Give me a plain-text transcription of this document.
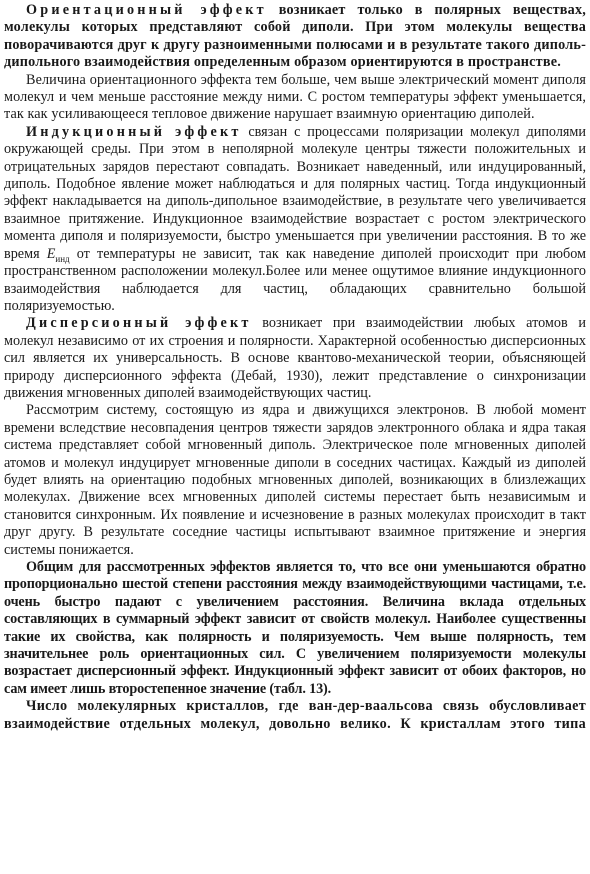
Ориентационный эффект возникает только в полярных веществах, молекулы которых представляют собой диполи. При этом молекулы вещества поворачиваются друг к другу разноименными полюсами и в результате такого диполь-дипольного взаимодействия определенным образом ориентируются в пространстве.

Величина ориентационного эффекта тем больше, чем выше электрический момент диполя молекул и чем меньше расстояние между ними. С ростом температуры эффект уменьшается, так как усиливающееся тепловое движение нарушает взаимную ориентацию диполей.

Индукционный эффект связан с процессами поляризации молекул диполями окружающей среды. При этом в неполярной молекуле центры тяжести положительных и отрицательных зарядов перестают совпадать. Возникает наведенный, или индуцированный, диполь. Подобное явление может наблюдаться и для полярных частиц. Тогда индукционный эффект накладывается на диполь-дипольное взаимодействие, в результате чего увеличивается взаимное притяжение. Индукционное взаимодействие возрастает с ростом электрического момента диполя и поляризуемости, быстро уменьшается при увеличении расстояния. В то же время $E_{инд}$ от температуры не зависит, так как наведение диполей происходит при любом пространственном расположении молекул.Более или менее ощутимое влияние индукционного взаимодействия наблюдается для частиц, обладающих сравнительно большой поляризуемостью.

Дисперсионный эффект возникает при взаимодействии любых атомов и молекул независимо от их строения и полярности. Характерной особенностью дисперсионных сил является их универсальность. В основе квантово-механической теории, объясняющей природу дисперсионного эффекта (Дебай, 1930), лежит представление о синхронизации движения мгновенных диполей взаимодействующих частиц.

Рассмотрим систему, состоящую из ядра и движущихся электронов. В любой момент времени вследствие несовпадения центров тяжести зарядов электронного облака и ядра такая система представляет собой мгновенный диполь. Электрическое поле мгновенных диполей атомов и молекул индуцирует мгновенные диполи в соседних частицах. Каждый из диполей будет влиять на ориентацию подобных мгновенных диполей, возникающих в близлежащих молекулах. Движение всех мгновенных диполей системы перестает быть независимым и становится синхронным. Их появление и исчезновение в разных молекулах происходит в такт друг другу. В результате соседние частицы испытывают взаимное притяжение и энергия системы понижается.

Общим для рассмотренных эффектов является то, что все они уменьшаются обратно пропорционально шестой степени расстояния между взаимодействующими частицами, т.е. очень быстро падают с увеличением расстояния. Величина вклада отдельных составляющих в суммарный эффект зависит от свойств молекул. Наиболее существенны такие их свойства, как полярность и поляризуемость. Чем выше полярность, тем значительнее роль ориентационных сил. С увеличением поляризуемости молекулы возрастает дисперсионный эффект. Индукционный эффект зависит от обоих факторов, но сам имеет лишь второстепенное значение (табл. 13).

Число молекулярных кристаллов, где ван-дер-ваальсова связь обусловливает взаимодействие отдельных молекул, довольно велико. К кристаллам этого типа
